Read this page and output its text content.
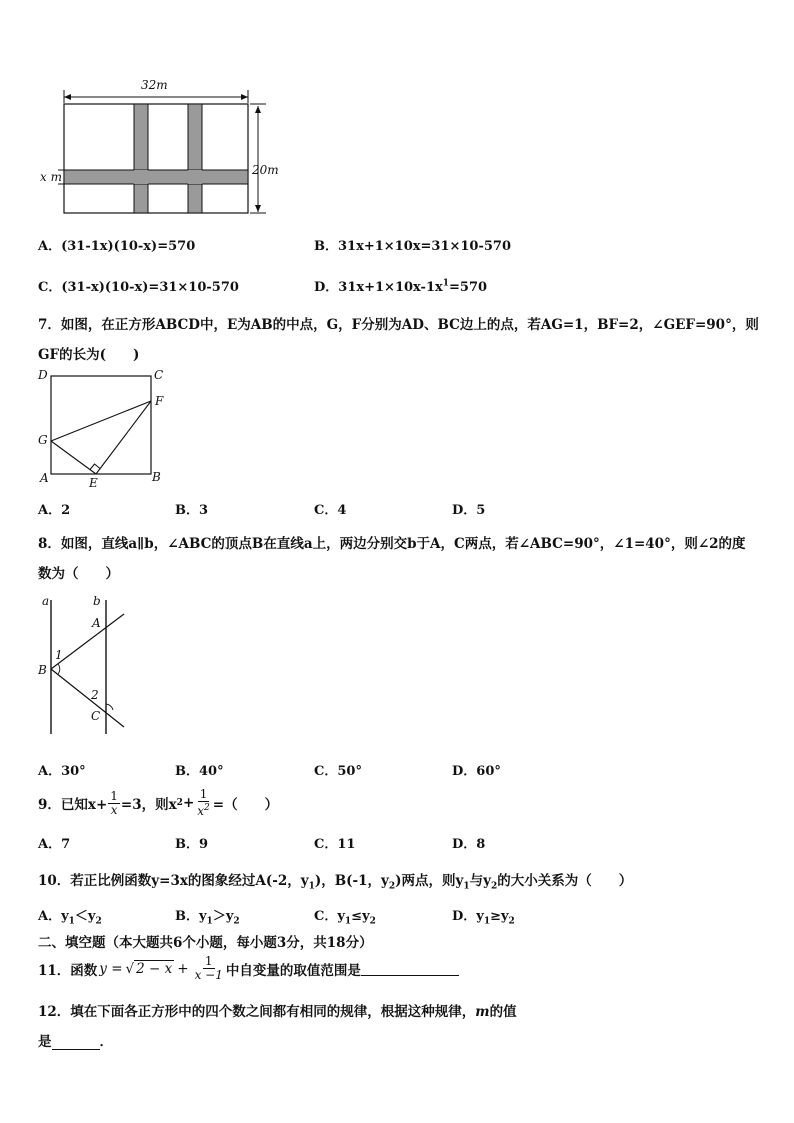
32m
20m
x m
A．(31-1x)(10-x)=570	B．31x+1×10x=31×10-570
C．(31-x)(10-x)=31×10-570	D．$31x+1\times 10x-1x^1=570$
7．如图，在正方形ABCD中，E为AB的中点，G，F分别为AD、BC边上的点，若AG=1，BF=2，∠GEF=90°，则
GF的长为(　　)
D	C
F
G
A	E	B
A．2	B．3	C．4	D．5
8．如图，直线a∥b，∠ABC的顶点B在直线a上，两边分别交b于A，C两点，若∠ABC=90°，∠1=40°，则∠2的度
数为（　　）
a	b
A
1
B
2
C
A．30°	B．40°	C．50°	D．60°
9．已知$x+ \frac{1}{x} =3$，则x $2 + \frac{1}{x^2}$ =（　　）
A．7	B．9	C．11	D．8
10．若正比例函数y=3x的图象经过A(-2，$y_1$)，B(-1，$y_2$)两点，则$y_1$与$y_2$的大小关系为（　　）
A．$y_1<y_2$	B．$y_1>y_2$	C．$y_1\le y_2$	D．$y_1\ge y_2$
二、填空题（本大题共6个小题，每小题3分，共18分）
11．函数 y = √ $2 - x + \frac{1}{x -1}$ 中自变量的取值范围是
12．填在下面各正方形中的四个数之间都有相同的规律，根据这种规律，m的值
是	．
